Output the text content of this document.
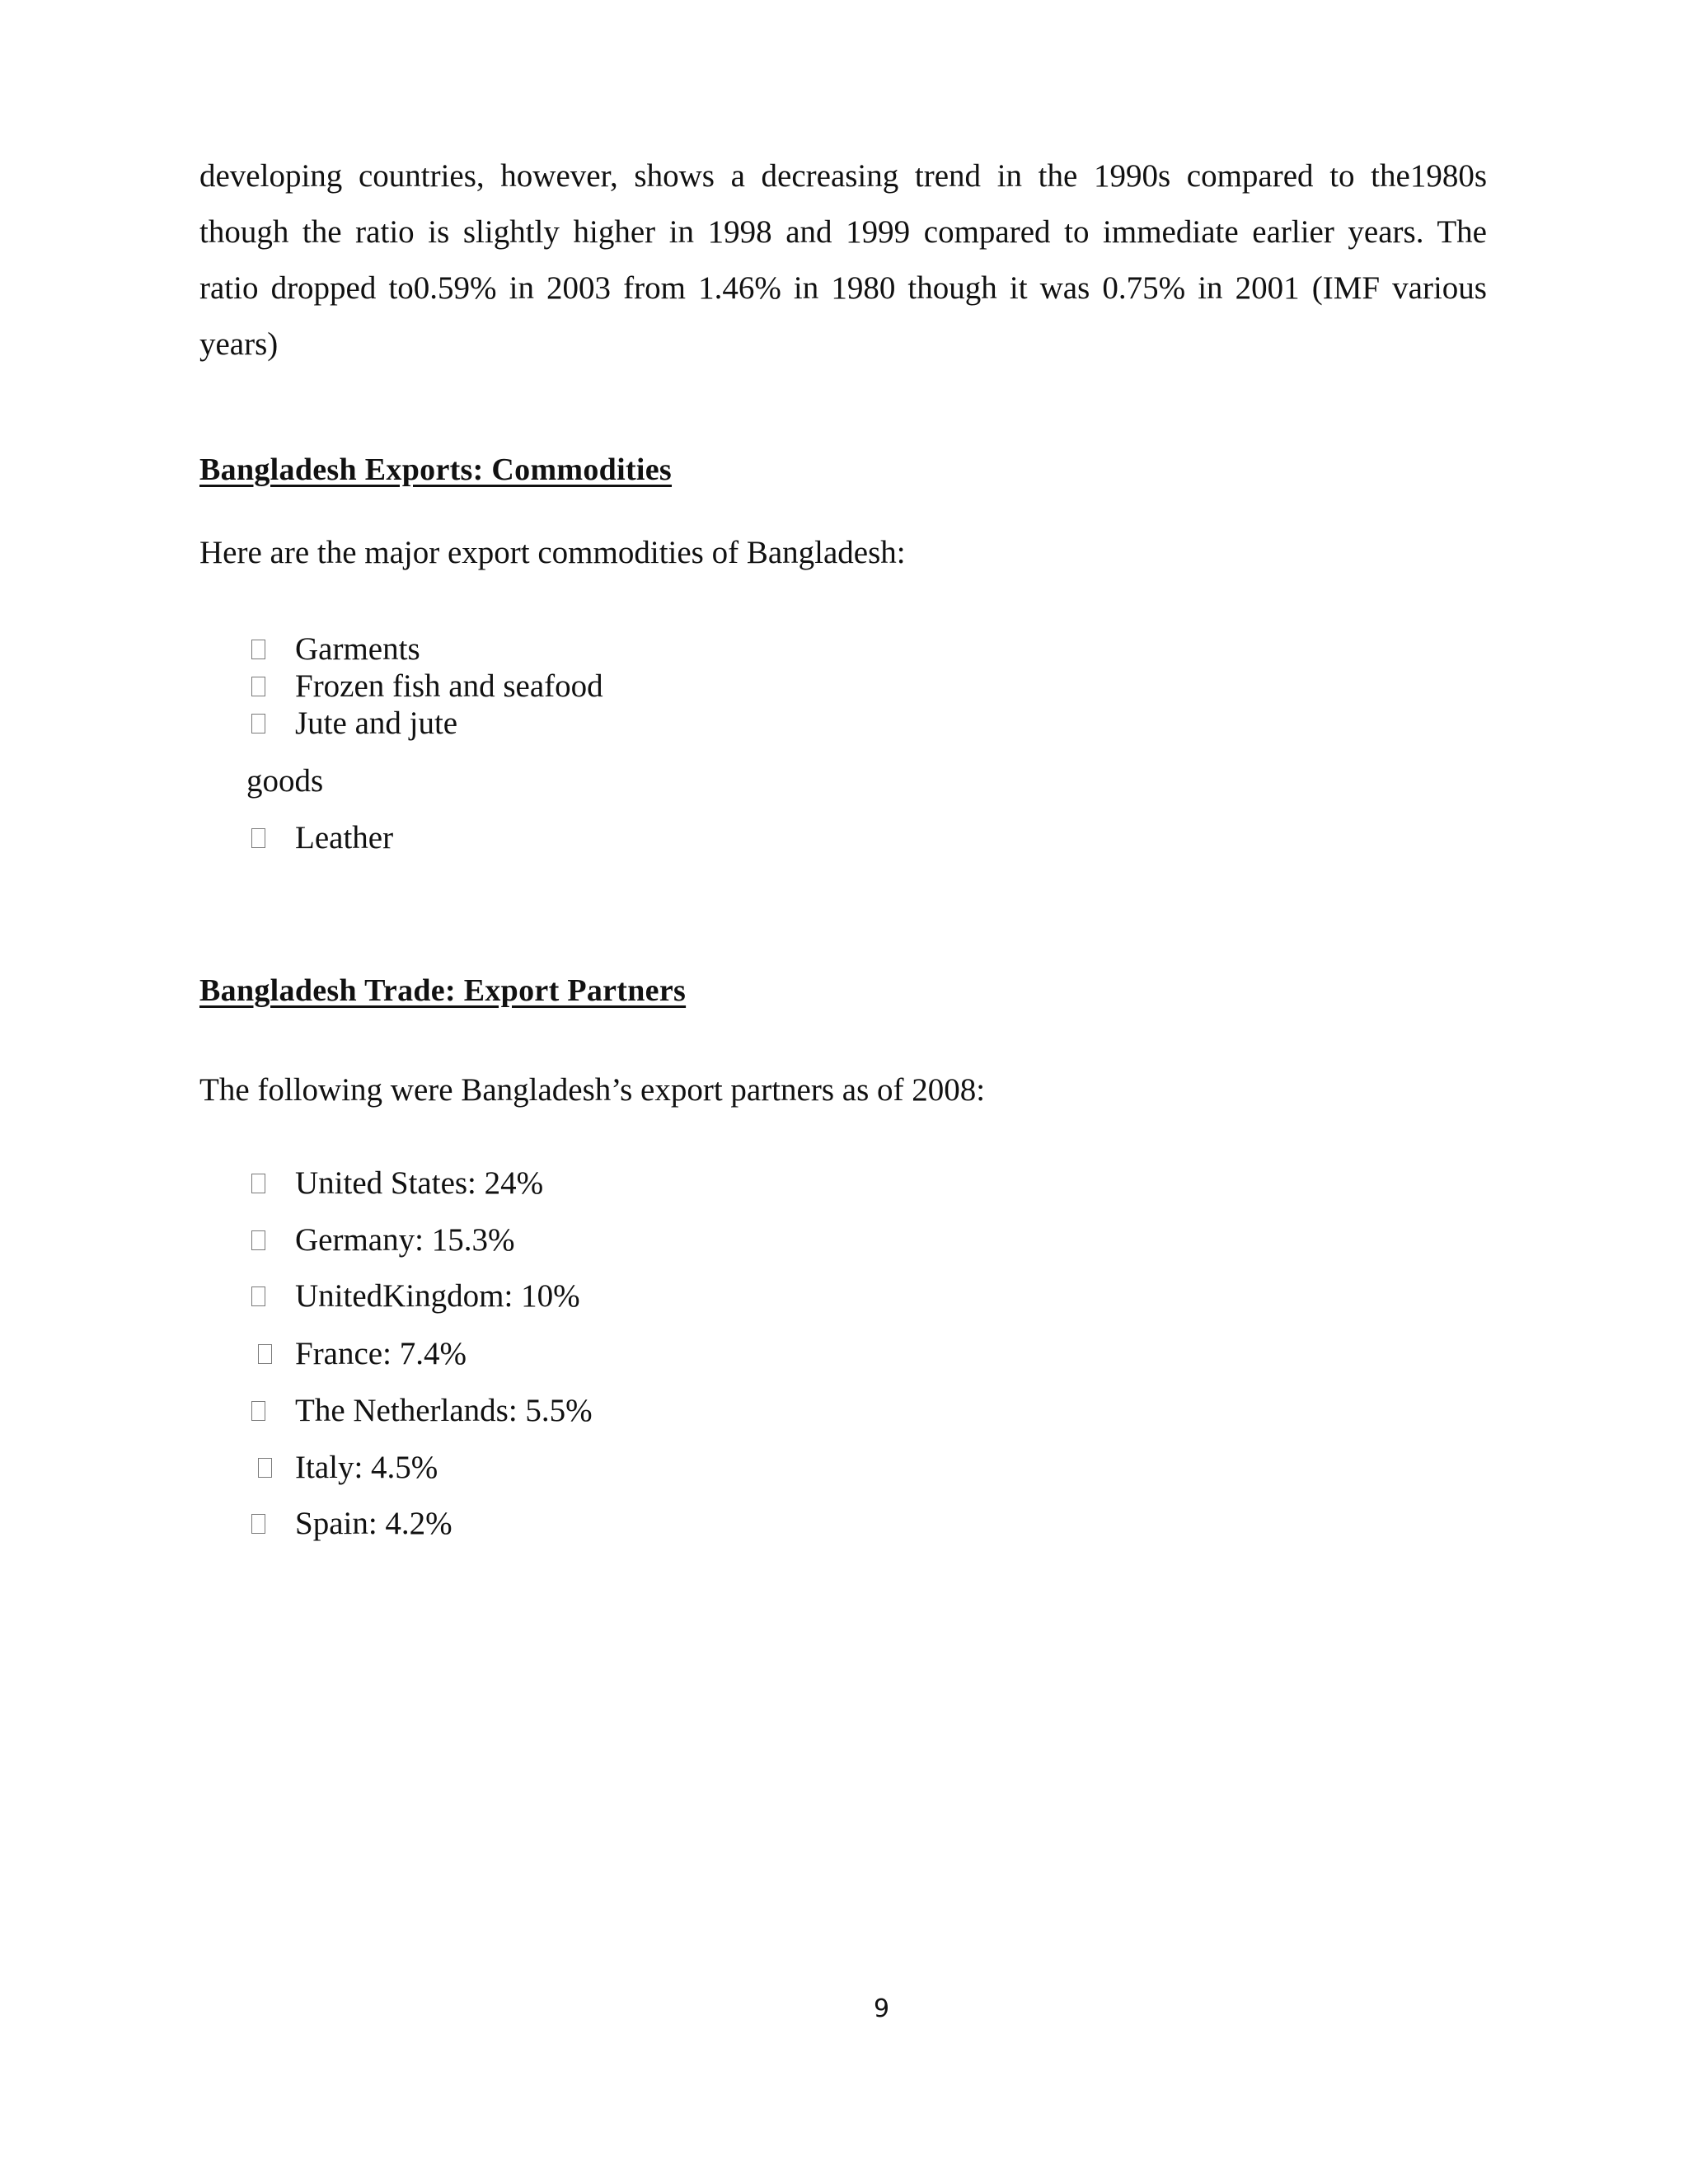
developing countries, however, shows a decreasing trend in the 1990s compared to the1980s
though the ratio is slightly higher in 1998 and 1999 compared to immediate earlier years. The
ratio dropped to0.59% in 2003 from 1.46% in 1980 though it was 0.75% in 2001 (IMF various
years)
Bangladesh Exports: Commodities
Here are the major export commodities of Bangladesh:
Garments
Frozen fish and seafood
Jute and jute
goods
Leather
Bangladesh Trade: Export Partners
The following were Bangladesh’s export partners as of 2008:
United States: 24%
Germany: 15.3%
UnitedKingdom: 10%
France: 7.4%
The Netherlands: 5.5%
Italy: 4.5%
Spain: 4.2%
9
